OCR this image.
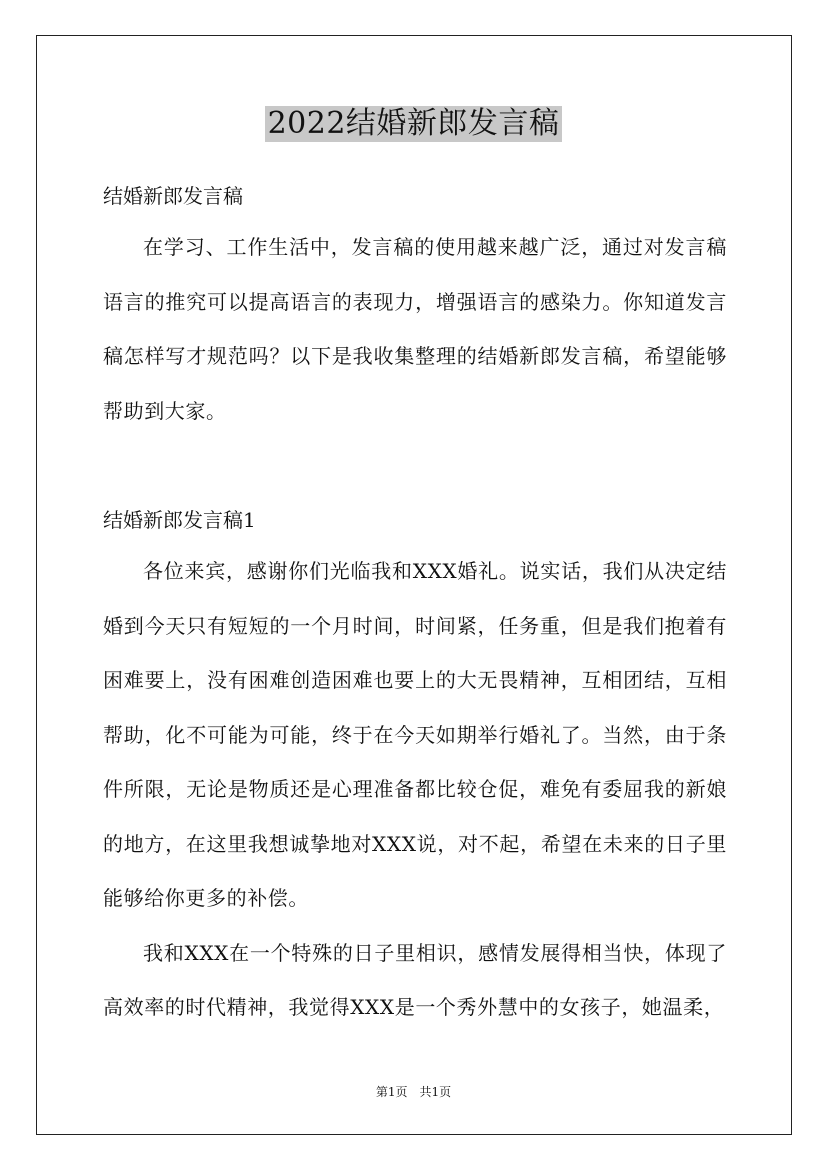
2022结婚新郎发言稿
结婚新郎发言稿

在学习、工作生活中，发言稿的使用越来越广泛，通过对发言稿语言的推究可以提高语言的表现力，增强语言的感染力。你知道发言稿怎样写才规范吗？以下是我收集整理的结婚新郎发言稿，希望能够帮助到大家。

结婚新郎发言稿1

各位来宾，感谢你们光临我和XXX婚礼。说实话，我们从决定结婚到今天只有短短的一个月时间，时间紧，任务重，但是我们抱着有困难要上，没有困难创造困难也要上的大无畏精神，互相团结，互相帮助，化不可能为可能，终于在今天如期举行婚礼了。当然，由于条件所限，无论是物质还是心理准备都比较仓促，难免有委屈我的新娘的地方，在这里我想诚挚地对XXX说，对不起，希望在未来的日子里能够给你更多的补偿。

我和XXX在一个特殊的日子里相识，感情发展得相当快，体现了高效率的时代精神，我觉得XXX是一个秀外慧中的女孩子，她温柔，

第1页　共1页
